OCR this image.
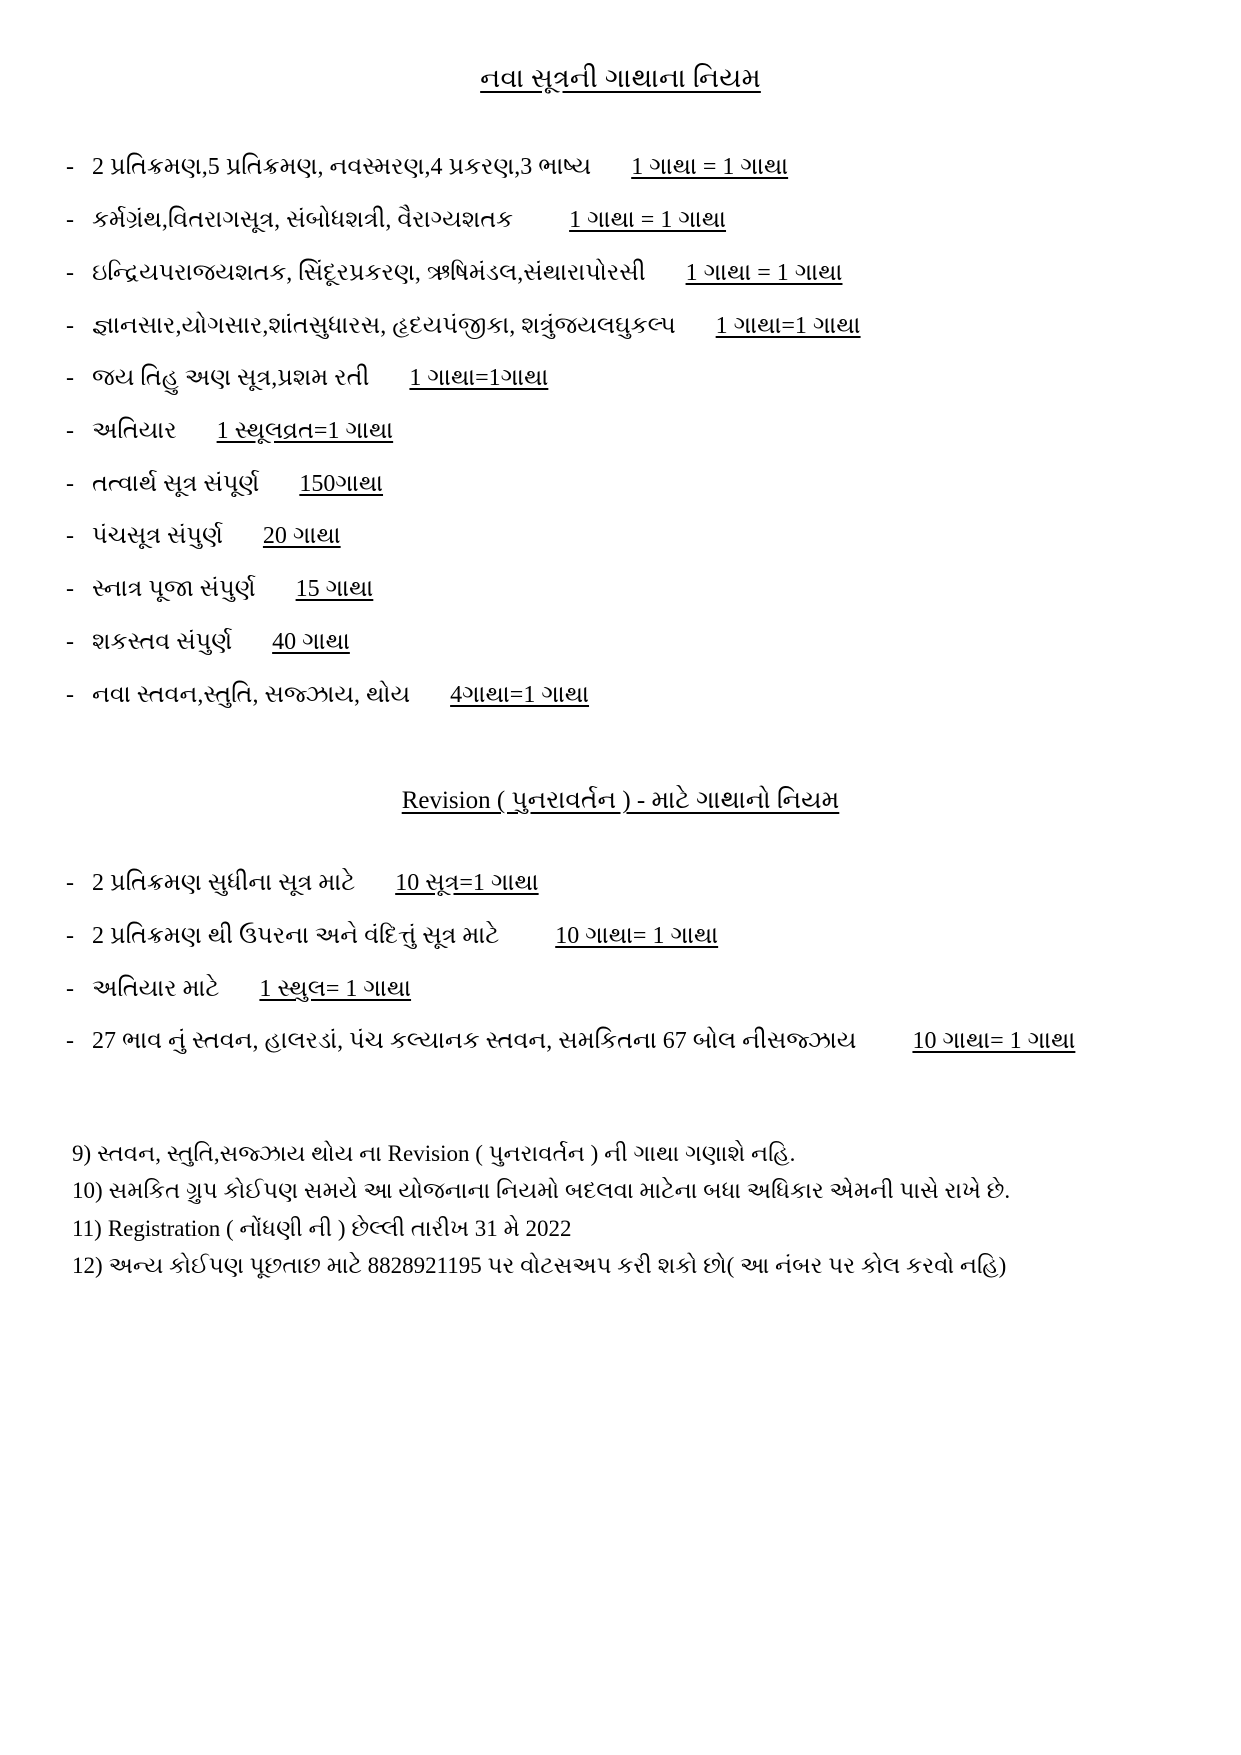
નવા સૂત્રની ગાથાના નિયમ
- 2 પ્રતિક્રમણ,5 પ્રતિક્રમણ, નવસ્મરણ,4 પ્રકરણ,3 ભાષ્ય 1 ગાથા = 1 ગાથા
- કર્મગ્રંથ,વિતરાગસૂત્ર, સંબોધશત્રી, વૈરાગ્યશતક 1 ગાથા = 1 ગાથા
- ઇન્દ્રિયપરાજયશતક, સિંદૂરપ્રકરણ, ઋષિમંડલ,સંથારાપોરસી 1 ગાથા = 1 ગાથા
- જ્ઞાનસાર,યોગસાર,શાંતસુધારસ, હૃદયપંજીકા, શત્રુંજયલઘુકલ્પ 1 ગાથા=1 ગાથા
- જય તિહુ અણ સૂત્ર,પ્રશમ રતી 1 ગાથા=1ગાથા
- અતિયાર 1 સ્થૂલવ્રત=1 ગાથા
- તત્વાર્થ સૂત્ર સંપૂર્ણ 150ગાથા
- પંચસૂત્ર સંપુર્ણ 20 ગાથા
- સ્નાત્ર પૂજા સંપુર્ણ 15 ગાથા
- શકસ્તવ સંપુર્ણ 40 ગાથા
- નવા સ્તવન,સ્તુતિ, સજ્ઝાય, થોય 4ગાથા=1 ગાથા
Revision ( પુનરાવર્તન ) - માટે ગાથાનો નિયમ
- 2 પ્રતિક્રમણ સુધીના સૂત્ર માટે 10 સૂત્ર=1 ગાથા
- 2 પ્રતિક્રમણ થી ઉપરના અને વંદિત્તું સૂત્ર માટે 10 ગાથા= 1 ગાથા
- અતિયાર માટે 1 સ્થુલ= 1 ગાથા
- 27 ભાવ નું સ્તવન, હાલરડાં, પંચ કલ્યાનક સ્તવન, સમકિતના 67 બોલ નીસજ્ઝાય 10 ગાથા= 1 ગાથા
9) સ્તવન, સ્તુતિ,સજ્ઝાય થોય ના Revision ( પુનરાવર્તન ) ની ગાથા ગણાશે નહિ.
10) સમકિત ગ્રુપ કોઈપણ સમયે આ યોજનાના નિયમો બદલવા માટેના બધા અધિકાર એમની પાસે રાખે છે.
11) Registration ( નોંધણી ની ) છેલ્લી તારીખ 31 મે 2022
12) અન્ય કોઈપણ પૂછતાછ માટે 8828921195 પર વોટસઅપ કરી શકો છો( આ નંબર પર કોલ કરવો નહિ)
